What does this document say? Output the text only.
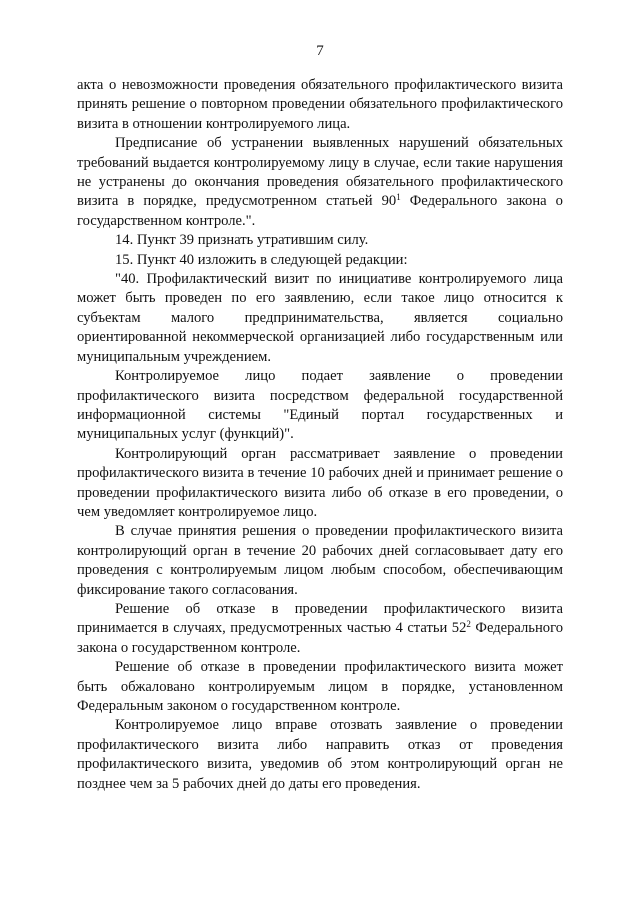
7

акта о невозможности проведения обязательного профилактического визита принять решение о повторном проведении обязательного профилактического визита в отношении контролируемого лица.

Предписание об устранении выявленных нарушений обязательных требований выдается контролируемому лицу в случае, если такие нарушения не устранены до окончания проведения обязательного профилактического визита в порядке, предусмотренном статьей $90^1$ Федерального закона о государственном контроле.".

14. Пункт 39 признать утратившим силу.

15. Пункт 40 изложить в следующей редакции:

"40. Профилактический визит по инициативе контролируемого лица может быть проведен по его заявлению, если такое лицо относится к субъектам малого предпринимательства, является социально ориентированной некоммерческой организацией либо государственным или муниципальным учреждением.

Контролируемое лицо подает заявление о проведении профилактического визита посредством федеральной государственной информационной системы "Единый портал государственных и муниципальных услуг (функций)".

Контролирующий орган рассматривает заявление о проведении профилактического визита в течение 10 рабочих дней и принимает решение о проведении профилактического визита либо об отказе в его проведении, о чем уведомляет контролируемое лицо.

В случае принятия решения о проведении профилактического визита контролирующий орган в течение 20 рабочих дней согласовывает дату его проведения с контролируемым лицом любым способом, обеспечивающим фиксирование такого согласования.

Решение об отказе в проведении профилактического визита принимается в случаях, предусмотренных частью 4 статьи $52^2$ Федерального закона о государственном контроле.

Решение об отказе в проведении профилактического визита может быть обжаловано контролируемым лицом в порядке, установленном Федеральным законом о государственном контроле.

Контролируемое лицо вправе отозвать заявление о проведении профилактического визита либо направить отказ от проведения профилактического визита, уведомив об этом контролирующий орган не позднее чем за 5 рабочих дней до даты его проведения.
